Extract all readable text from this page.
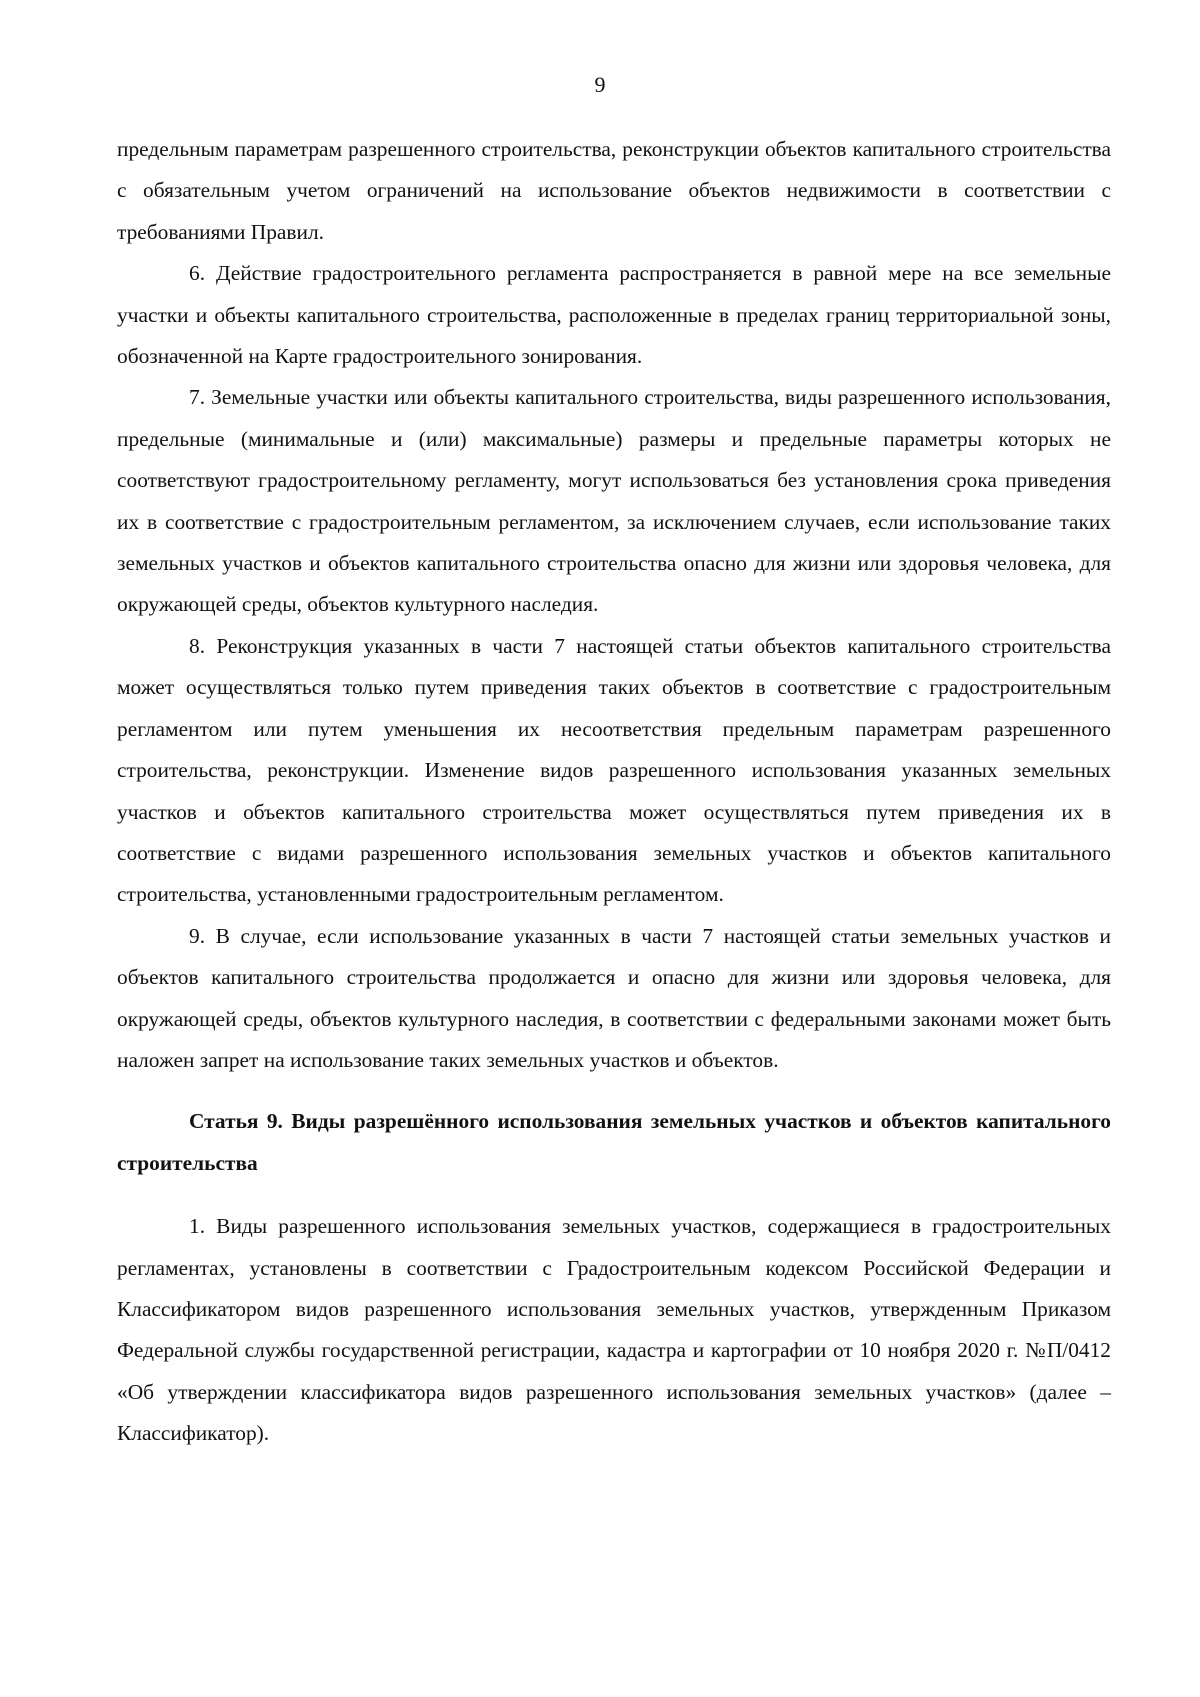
9

предельным параметрам разрешенного строительства, реконструкции объектов капитального строительства с обязательным учетом ограничений на использование объектов недвижимости в соответствии с требованиями Правил.

6. Действие градостроительного регламента распространяется в равной мере на все земельные участки и объекты капитального строительства, расположенные в пределах границ территориальной зоны, обозначенной на Карте градостроительного зонирования.

7. Земельные участки или объекты капитального строительства, виды разрешенного использования, предельные (минимальные и (или) максимальные) размеры и предельные параметры которых не соответствуют градостроительному регламенту, могут использоваться без установления срока приведения их в соответствие с градостроительным регламентом, за исключением случаев, если использование таких земельных участков и объектов капитального строительства опасно для жизни или здоровья человека, для окружающей среды, объектов культурного наследия.

8. Реконструкция указанных в части 7 настоящей статьи объектов капитального строительства может осуществляться только путем приведения таких объектов в соответствие с градостроительным регламентом или путем уменьшения их несоответствия предельным параметрам разрешенного строительства, реконструкции. Изменение видов разрешенного использования указанных земельных участков и объектов капитального строительства может осуществляться путем приведения их в соответствие с видами разрешенного использования земельных участков и объектов капитального строительства, установленными градостроительным регламентом.

9. В случае, если использование указанных в части 7 настоящей статьи земельных участков и объектов капитального строительства продолжается и опасно для жизни или здоровья человека, для окружающей среды, объектов культурного наследия, в соответствии с федеральными законами может быть наложен запрет на использование таких земельных участков и объектов.

Статья 9. Виды разрешённого использования земельных участков и объектов капитального строительства

1. Виды разрешенного использования земельных участков, содержащиеся в градостроительных регламентах, установлены в соответствии с Градостроительным кодексом Российской Федерации и Классификатором видов разрешенного использования земельных участков, утвержденным Приказом Федеральной службы государственной регистрации, кадастра и картографии от 10 ноября 2020 г. №П/0412 «Об утверждении классификатора видов разрешенного использования земельных участков» (далее – Классификатор).
